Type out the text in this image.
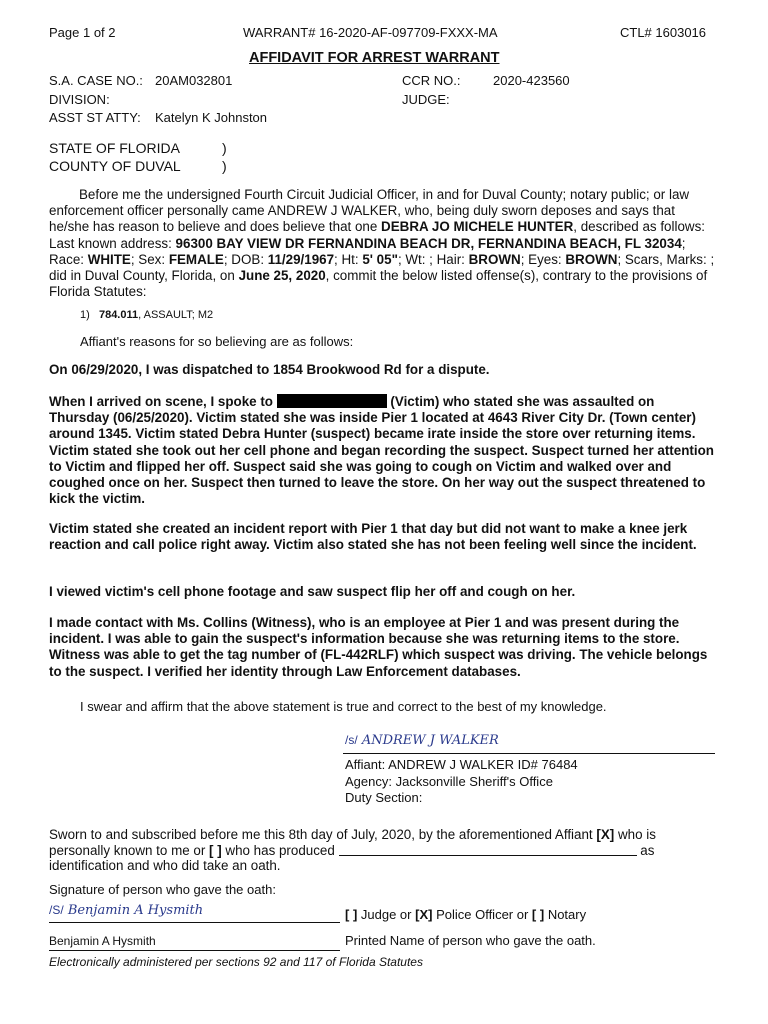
Page 1 of 2	WARRANT# 16-2020-AF-097709-FXXX-MA	CTL# 1603016
AFFIDAVIT FOR ARREST WARRANT
S.A. CASE NO.: 20AM032801	CCR NO.:	2020-423560
DIVISION:	JUDGE:
ASST ST ATTY: Katelyn K Johnston
STATE OF FLORIDA	)
COUNTY OF DUVAL	)
Before me the undersigned Fourth Circuit Judicial Officer, in and for Duval County; notary public; or law enforcement officer personally came ANDREW J WALKER, who, being duly sworn deposes and says that he/she has reason to believe and does believe that one DEBRA JO MICHELE HUNTER, described as follows: Last known address: 96300 BAY VIEW DR FERNANDINA BEACH DR, FERNANDINA BEACH, FL 32034; Race: WHITE; Sex: FEMALE; DOB: 11/29/1967; Ht: 5' 05"; Wt: ; Hair: BROWN; Eyes: BROWN; Scars, Marks: ; did in Duval County, Florida, on June 25, 2020, commit the below listed offense(s), contrary to the provisions of Florida Statutes:
1) 784.011, ASSAULT; M2
Affiant's reasons for so believing are as follows:
On 06/29/2020, I was dispatched to 1854 Brookwood Rd for a dispute.
When I arrived on scene, I spoke to	(Victim) who stated she was assaulted on Thursday (06/25/2020). Victim stated she was inside Pier 1 located at 4643 River City Dr. (Town center) around 1345. Victim stated Debra Hunter (suspect) became irate inside the store over returning items. Victim stated she took out her cell phone and began recording the suspect. Suspect turned her attention to Victim and flipped her off. Suspect said she was going to cough on Victim and walked over and coughed once on her. Suspect then turned to leave the store. On her way out the suspect threatened to kick the victim.
Victim stated she created an incident report with Pier 1 that day but did not want to make a knee jerk reaction and call police right away. Victim also stated she has not been feeling well since the incident.
I viewed victim's cell phone footage and saw suspect flip her off and cough on her.
I made contact with Ms. Collins (Witness), who is an employee at Pier 1 and was present during the incident. I was able to gain the suspect's information because she was returning items to the store. Witness was able to get the tag number of (FL-442RLF) which suspect was driving. The vehicle belongs to the suspect. I verified her identity through Law Enforcement databases.
I swear and affirm that the above statement is true and correct to the best of my knowledge.
/s/ ANDREW J WALKER
Affiant: ANDREW J WALKER ID# 76484
Agency: Jacksonville Sheriff's Office
Duty Section:
Sworn to and subscribed before me this 8th day of July, 2020, by the aforementioned Affiant [X] who is personally known to me or [ ] who has produced	as identification and who did take an oath.
Signature of person who gave the oath:
/S/ Benjamin A Hysmith	[ ] Judge or [X] Police Officer or [ ] Notary
Benjamin A Hysmith	Printed Name of person who gave the oath.
Electronically administered per sections 92 and 117 of Florida Statutes
